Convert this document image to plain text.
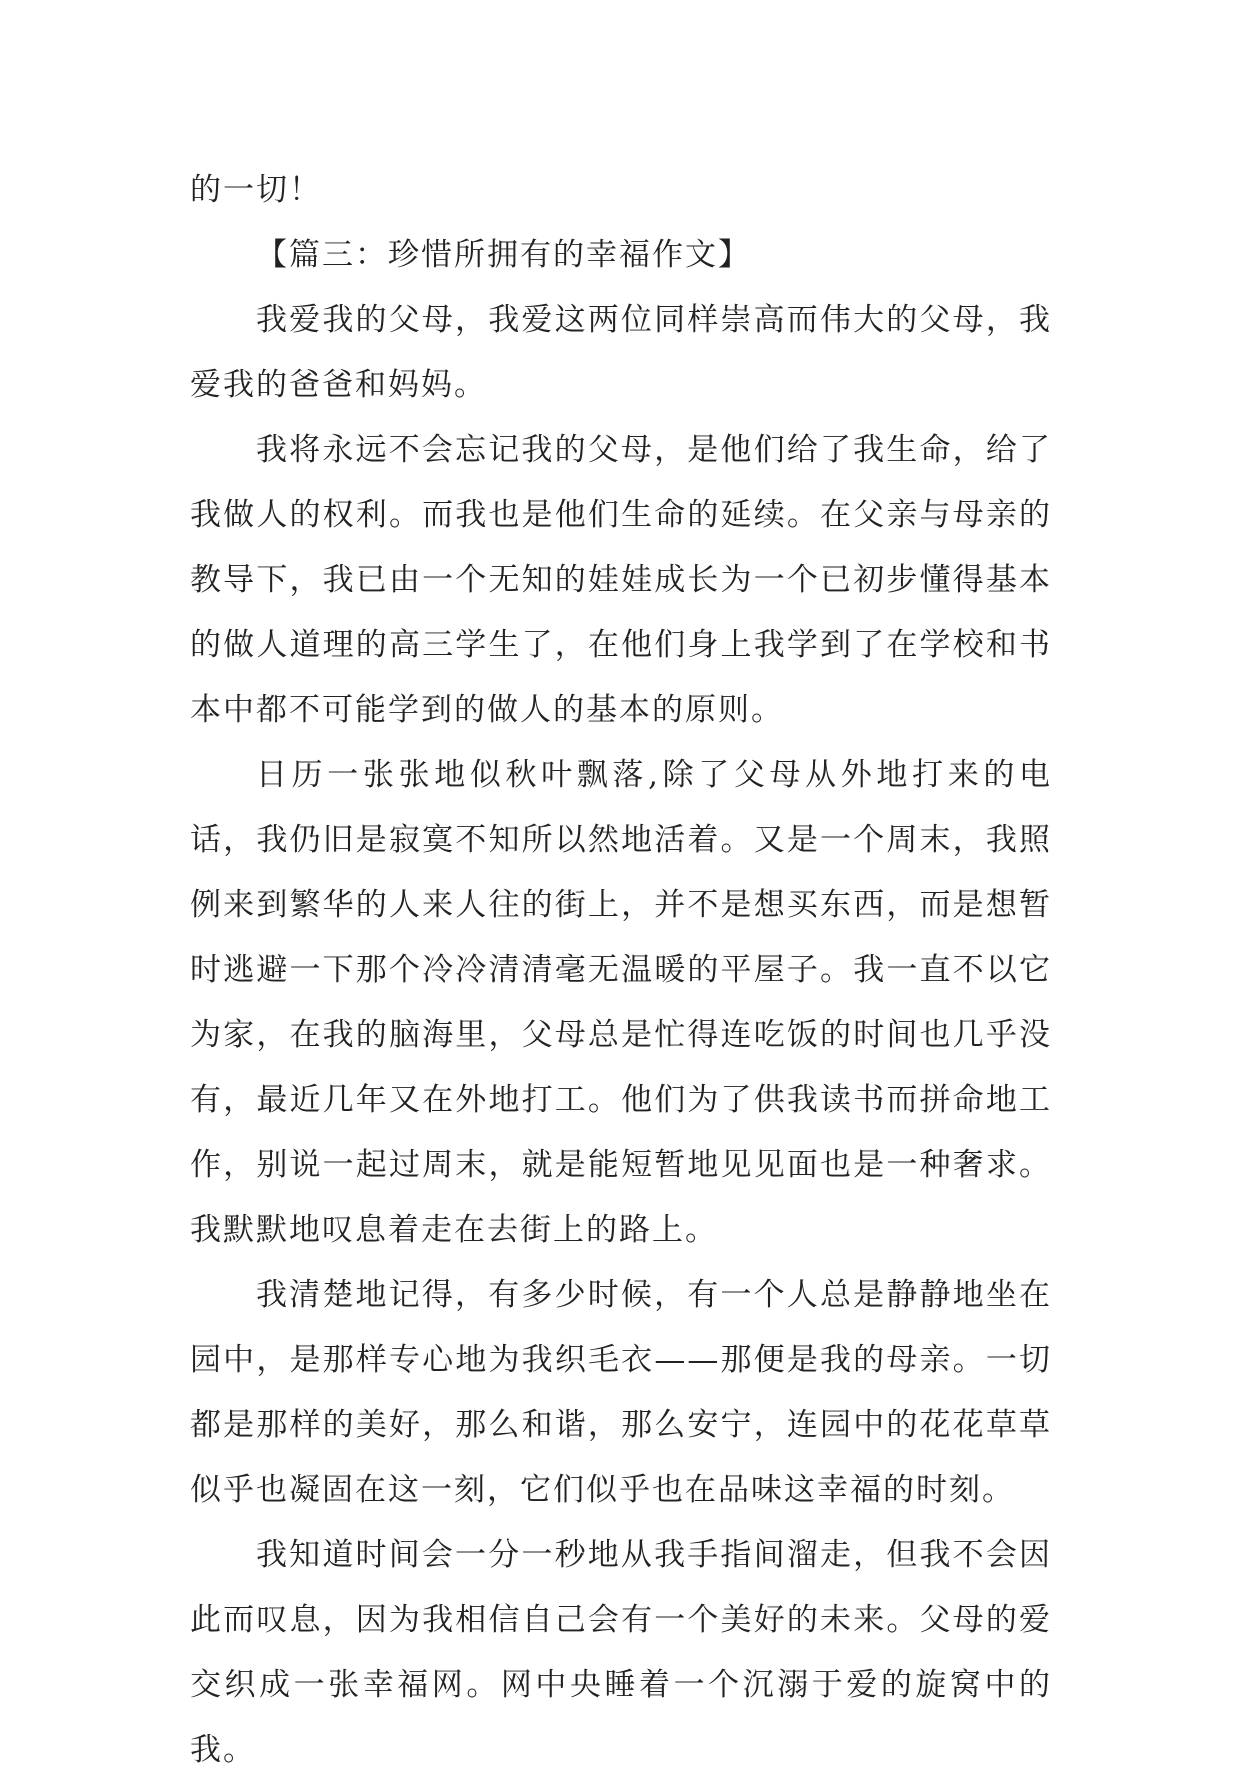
的一切！

【篇三：珍惜所拥有的幸福作文】

我爱我的父母，我爱这两位同样崇高而伟大的父母，我爱我的爸爸和妈妈。

我将永远不会忘记我的父母，是他们给了我生命，给了我做人的权利。而我也是他们生命的延续。在父亲与母亲的教导下，我已由一个无知的娃娃成长为一个已初步懂得基本的做人道理的高三学生了，在他们身上我学到了在学校和书本中都不可能学到的做人的基本的原则。

日历一张张地似秋叶飘落,除了父母从外地打来的电话，我仍旧是寂寞不知所以然地活着。又是一个周末，我照例来到繁华的人来人往的街上，并不是想买东西，而是想暂时逃避一下那个冷冷清清毫无温暖的平屋子。我一直不以它为家，在我的脑海里，父母总是忙得连吃饭的时间也几乎没有，最近几年又在外地打工。他们为了供我读书而拼命地工作，别说一起过周末，就是能短暂地见见面也是一种奢求。我默默地叹息着走在去街上的路上。

我清楚地记得，有多少时候，有一个人总是静静地坐在园中，是那样专心地为我织毛衣——那便是我的母亲。一切都是那样的美好，那么和谐，那么安宁，连园中的花花草草似乎也凝固在这一刻，它们似乎也在品味这幸福的时刻。

我知道时间会一分一秒地从我手指间溜走，但我不会因此而叹息，因为我相信自己会有一个美好的未来。父母的爱交织成一张幸福网。网中央睡着一个沉溺于爱的旋窝中的我。
